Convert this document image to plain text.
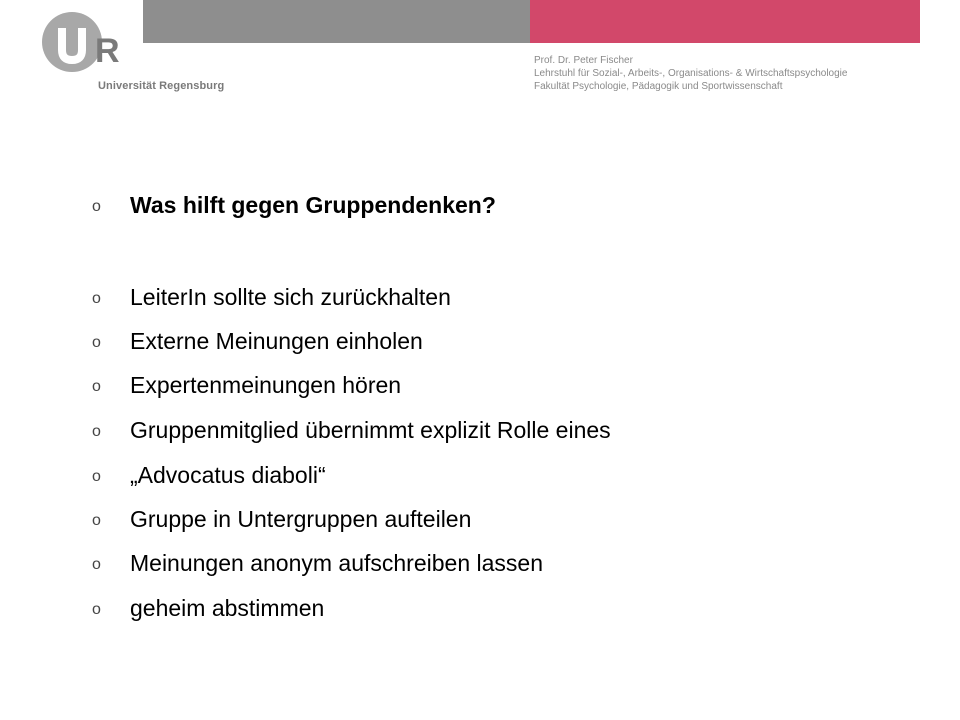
R
Universität Regensburg
Prof. Dr. Peter Fischer
Lehrstuhl für Sozial-, Arbeits-, Organisations- & Wirtschaftspsychologie
Fakultät Psychologie, Pädagogik und Sportwissenschaft
o Was hilft gegen Gruppendenken?
o LeiterIn sollte sich zurückhalten
o Externe Meinungen einholen
o Expertenmeinungen hören
o Gruppenmitglied übernimmt explizit Rolle eines
o „Advocatus diaboli“
o Gruppe in Untergruppen aufteilen
o Meinungen anonym aufschreiben lassen
o geheim abstimmen
